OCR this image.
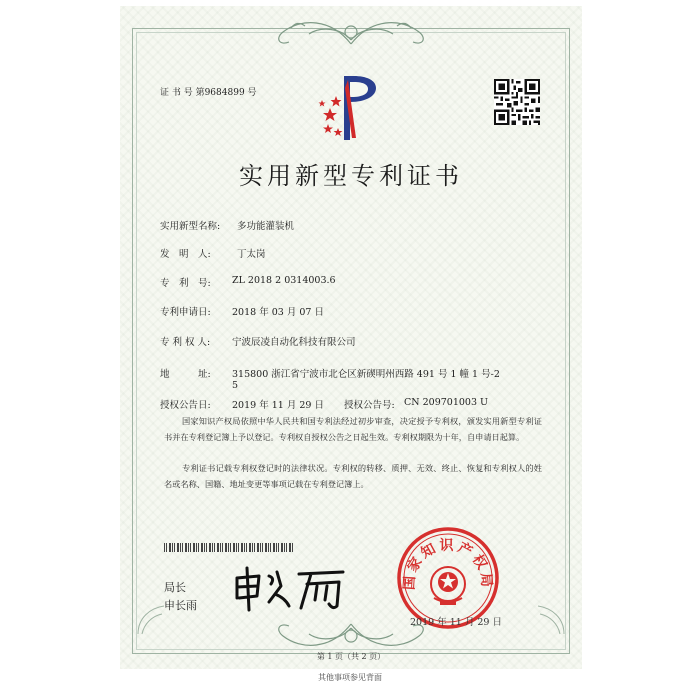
证 书 号 第9684899 号
实用新型专利证书
实用新型名称: 多功能灌装机
发　明　人:	丁太岗
专　利　号: ZL 2018 2 0314003.6
专利申请日: 2018 年 03 月 07 日
专 利 权 人: 宁波辰凌自动化科技有限公司
地　　　址: 315800 浙江省宁波市北仑区新碶明州西路 491 号 1 幢 1 号-2
5
授权公告日: 2019 年 11 月 29 日 授权公告号: CN 209701003 U
国家知识产权局依照中华人民共和国专利法经过初步审查，决定授予专利权，颁发实用新型专利证书并在专利登记簿上予以登记。专利权自授权公告之日起生效。专利权期限为十年，自申请日起算。
专利证书记载专利权登记时的法律状况。专利权的转移、质押、无效、终止、恢复和专利权人的姓名或名称、国籍、地址变更等事项记载在专利登记簿上。
局长
申长雨
国家知识产权局
2019 年 11 月 29 日
第 1 页（共 2 页）
其他事项参见背面
